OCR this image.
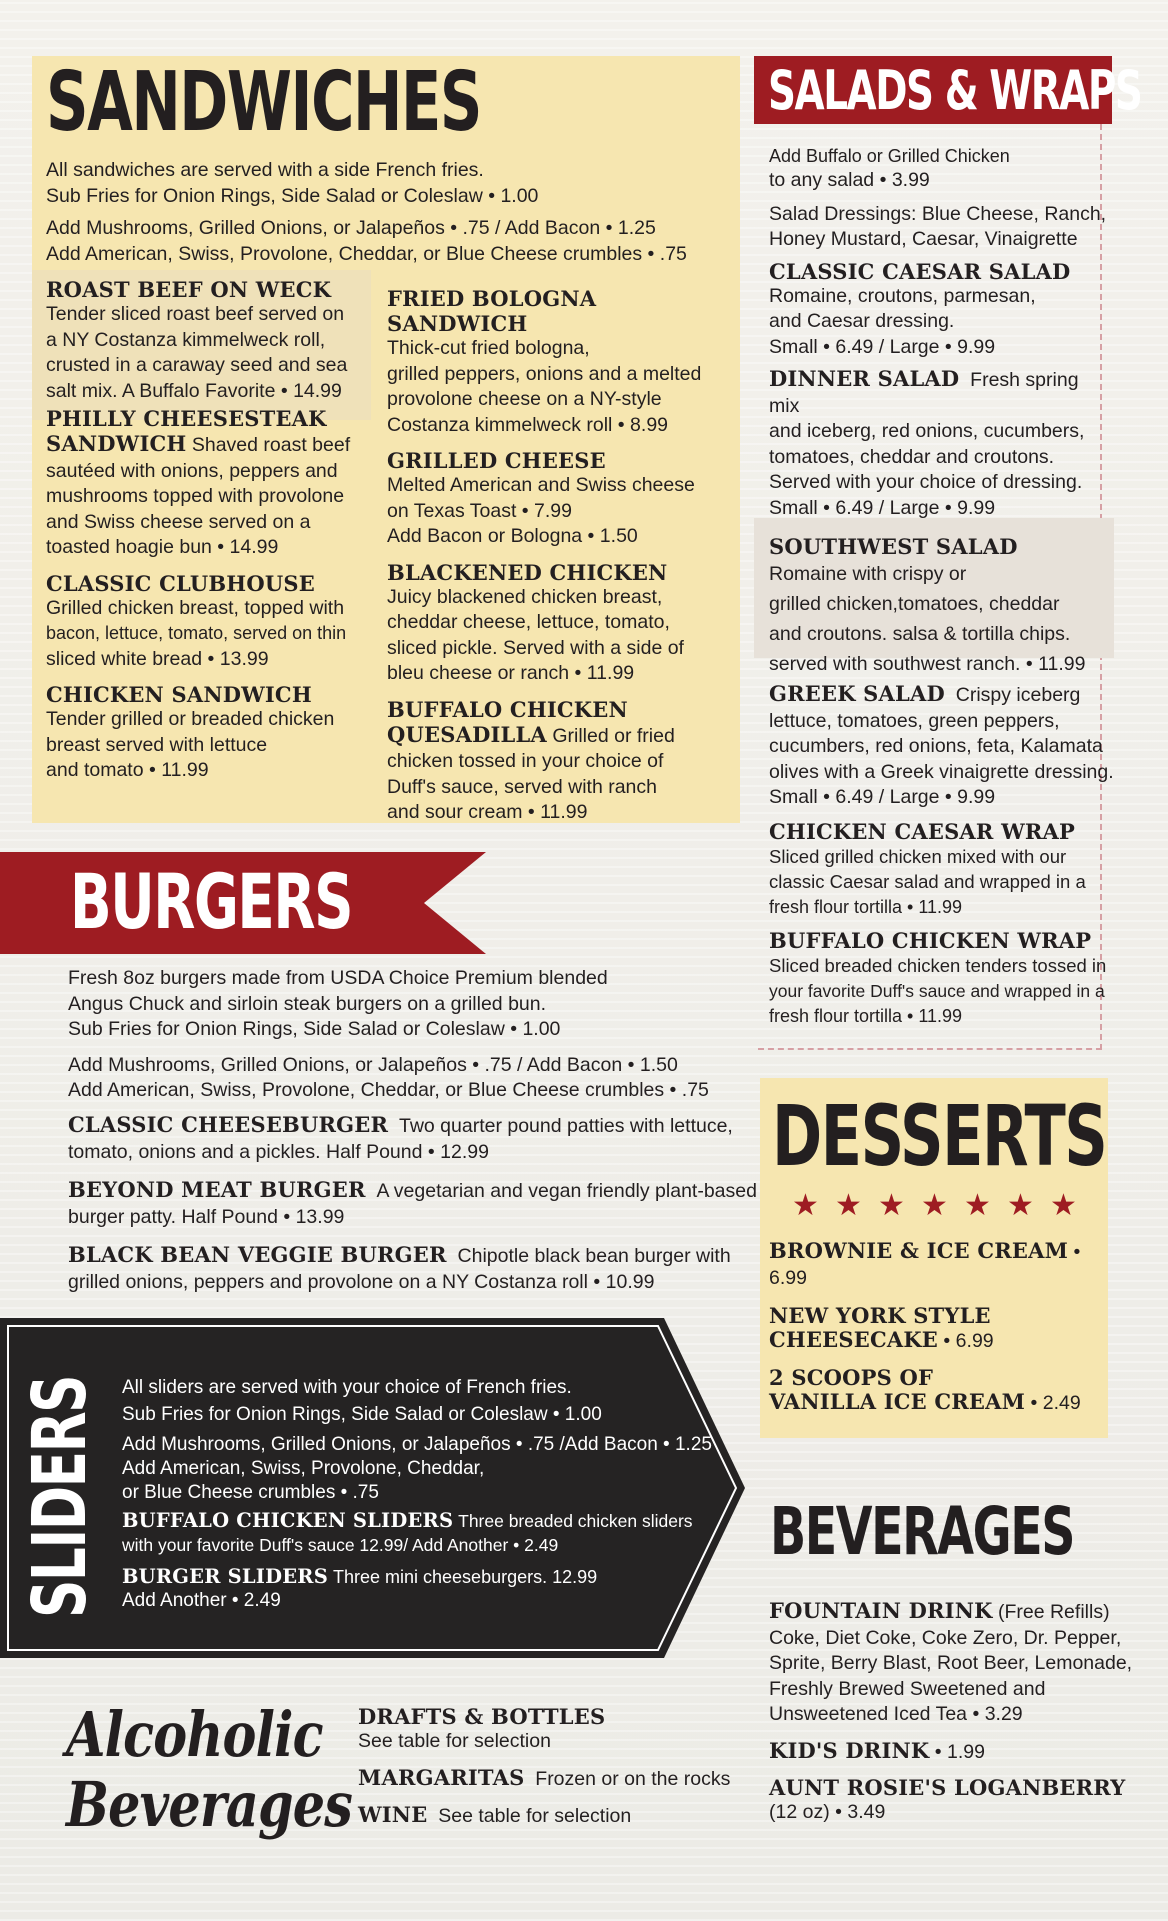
SANDWICHES
All sandwiches are served with a side French fries.
Sub Fries for Onion Rings, Side Salad or Coleslaw • 1.00
Add Mushrooms, Grilled Onions, or Jalapeños • .75 / Add Bacon • 1.25
Add American, Swiss, Provolone, Cheddar, or Blue Cheese crumbles • .75
ROAST BEEF ON WECK
Tender sliced roast beef served on
a NY Costanza kimmelweck roll,
crusted in a caraway seed and sea
salt mix. A Buffalo Favorite • 14.99
PHILLY CHEESESTEAK
SANDWICH Shaved roast beef
sautéed with onions, peppers and
mushrooms topped with provolone
and Swiss cheese served on a
toasted hoagie bun • 14.99
CLASSIC CLUBHOUSE
Grilled chicken breast, topped with
bacon, lettuce, tomato, served on thin
sliced white bread • 13.99
CHICKEN SANDWICH
Tender grilled or breaded chicken
breast served with lettuce
and tomato • 11.99
FRIED BOLOGNA SANDWICH
Thick-cut fried bologna,
grilled peppers, onions and a melted
provolone cheese on a NY-style
Costanza kimmelweck roll • 8.99
GRILLED CHEESE
Melted American and Swiss cheese
on Texas Toast • 7.99
Add Bacon or Bologna • 1.50
BLACKENED CHICKEN
Juicy blackened chicken breast,
cheddar cheese, lettuce, tomato,
sliced pickle. Served with a side of
bleu cheese or ranch • 11.99
BUFFALO CHICKEN
QUESADILLA Grilled or fried
chicken tossed in your choice of
Duff's sauce, served with ranch
and sour cream • 11.99
BURGERS
Fresh 8oz burgers made from USDA Choice Premium blended
Angus Chuck and sirloin steak burgers on a grilled bun.
Sub Fries for Onion Rings, Side Salad or Coleslaw • 1.00
Add Mushrooms, Grilled Onions, or Jalapeños • .75 / Add Bacon • 1.50
Add American, Swiss, Provolone, Cheddar, or Blue Cheese crumbles • .75
CLASSIC CHEESEBURGER Two quarter pound patties with lettuce,
tomato, onions and a pickles. Half Pound • 12.99
BEYOND MEAT BURGER A vegetarian and vegan friendly plant-based
burger patty. Half Pound • 13.99
BLACK BEAN VEGGIE BURGER Chipotle black bean burger with
grilled onions, peppers and provolone on a NY Costanza roll • 10.99
SLIDERS All sliders are served with your choice of French fries.
Sub Fries for Onion Rings, Side Salad or Coleslaw • 1.00
Add Mushrooms, Grilled Onions, or Jalapeños • .75 /Add Bacon • 1.25
Add American, Swiss, Provolone, Cheddar,
or Blue Cheese crumbles • .75
BUFFALO CHICKEN SLIDERS Three breaded chicken sliders
with your favorite Duff's sauce 12.99/ Add Another • 2.49
BURGER SLIDERS Three mini cheeseburgers. 12.99
Add Another • 2.49
Alcoholic
Beverages
DRAFTS & BOTTLES
See table for selection
MARGARITAS Frozen or on the rocks
WINE See table for selection
SALADS & WRAPS
Add Buffalo or Grilled Chicken
to any salad • 3.99
Salad Dressings: Blue Cheese, Ranch,
Honey Mustard, Caesar, Vinaigrette
CLASSIC CAESAR SALAD
Romaine, croutons, parmesan,
and Caesar dressing.
Small • 6.49 / Large • 9.99
DINNER SALAD Fresh spring mix
and iceberg, red onions, cucumbers,
tomatoes, cheddar and croutons.
Served with your choice of dressing.
Small • 6.49 / Large • 9.99
SOUTHWEST SALAD
Romaine with crispy or
grilled chicken,tomatoes, cheddar
and croutons. salsa & tortilla chips.
served with southwest ranch. • 11.99
GREEK SALAD Crispy iceberg
lettuce, tomatoes, green peppers,
cucumbers, red onions, feta, Kalamata
olives with a Greek vinaigrette dressing.
Small • 6.49 / Large • 9.99
CHICKEN CAESAR WRAP
Sliced grilled chicken mixed with our
classic Caesar salad and wrapped in a
fresh flour tortilla • 11.99
BUFFALO CHICKEN WRAP
Sliced breaded chicken tenders tossed in
your favorite Duff's sauce and wrapped in a
fresh flour tortilla • 11.99
DESSERTS
★ ★ ★ ★ ★ ★ ★
BROWNIE & ICE CREAM • 6.99
NEW YORK STYLE
CHEESECAKE • 6.99
2 SCOOPS OF
VANILLA ICE CREAM • 2.49
BEVERAGES
FOUNTAIN DRINK (Free Refills)
Coke, Diet Coke, Coke Zero, Dr. Pepper,
Sprite, Berry Blast, Root Beer, Lemonade,
Freshly Brewed Sweetened and
Unsweetened Iced Tea • 3.29
KID'S DRINK • 1.99
AUNT ROSIE'S LOGANBERRY
(12 oz) • 3.49
